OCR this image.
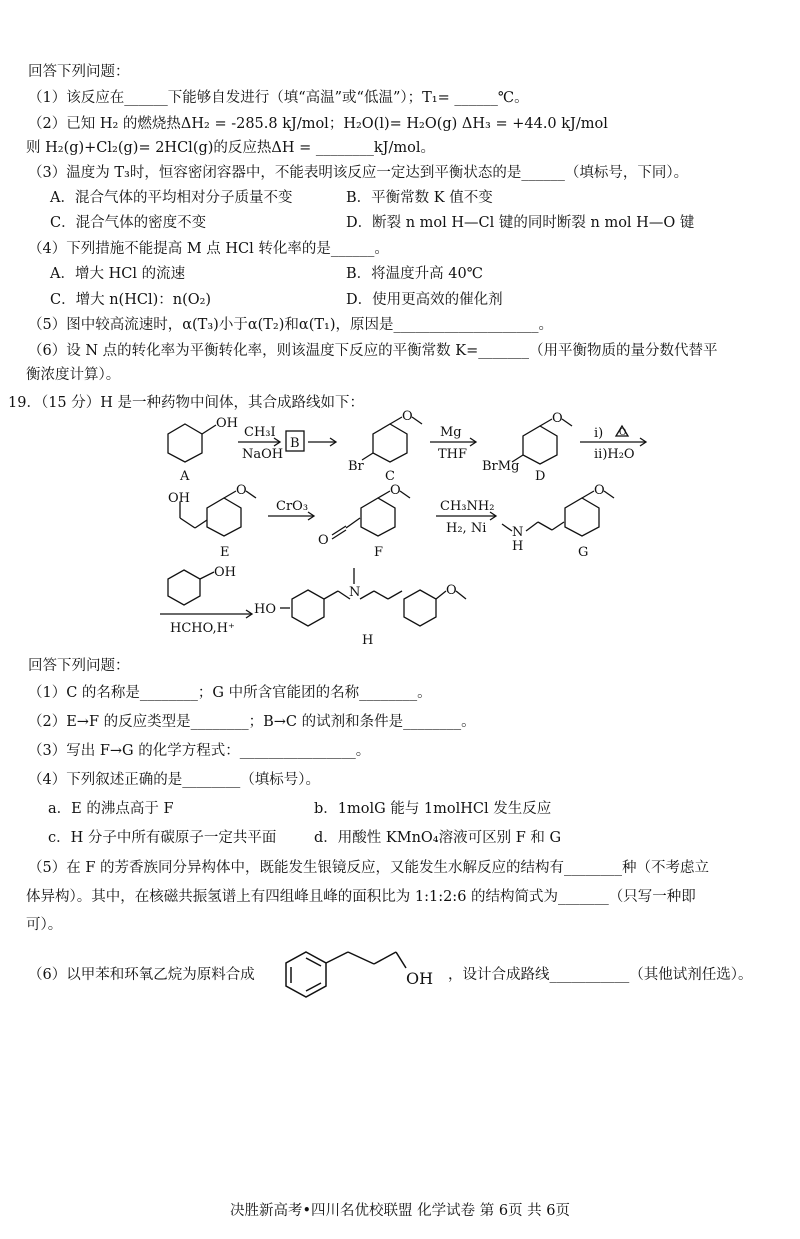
回答下列问题：
（1）该反应在______下能够自发进行（填“高温”或“低温”）；T₁= ______℃。
（2）已知 H₂ 的燃烧热ΔH₂ = -285.8 kJ/mol；H₂O(l)= H₂O(g) ΔH₃ = +44.0 kJ/mol
则 H₂(g)+Cl₂(g)= 2HCl(g)的反应热ΔH = ________kJ/mol。
（3）温度为 T₃时，恒容密闭容器中，不能表明该反应一定达到平衡状态的是______（填标号，下同）。
A．混合气体的平均相对分子质量不变	B．平衡常数 K 值不变
C．混合气体的密度不变	D．断裂 n mol H—Cl 键的同时断裂 n mol H—O 键
（4）下列措施不能提高 M 点 HCl 转化率的是______。
A．增大 HCl 的流速	B．将温度升高 40℃
C．增大 n(HCl)：n(O₂)	D．使用更高效的催化剂
（5）图中较高流速时，α(T₃)小于α(T₂)和α(T₁)，原因是____________________。
（6）设 N 点的转化率为平衡转化率，则该温度下反应的平衡常数 K=_______（用平衡物质的量分数代替平
衡浓度计算）。
19．（15 分）H 是一种药物中间体，其合成路线如下：
OH
A
CH₃I
NaOH
B
Br
O
C
Mg
THF
BrMg
O
D
i)
ii)H₂O
O
OH
O
E
CrO₃
O
O
F
CH₃NH₂
H₂, Ni N
H
O
G
OH
HCHO,H⁺
HO
N	O
H
回答下列问题：
（1）C 的名称是________；G 中所含官能团的名称________。
（2）E→F 的反应类型是________；B→C 的试剂和条件是________。
（3）写出 F→G 的化学方程式：________________。
（4）下列叙述正确的是________（填标号）。
a．E 的沸点高于 F	b．1molG 能与 1molHCl 发生反应
c．H 分子中所有碳原子一定共平面	d．用酸性 KMnO₄溶液可区别 F 和 G
（5）在 F 的芳香族同分异构体中，既能发生银镜反应，又能发生水解反应的结构有________种（不考虑立
体异构）。其中，在核磁共振氢谱上有四组峰且峰的面积比为 1:1:2:6 的结构简式为_______（只写一种即
可）。
（6）以甲苯和环氧乙烷为原料合成	OH ，设计合成路线___________（其他试剂任选）。
决胜新高考•四川名优校联盟 化学试卷 第 6页 共 6页
